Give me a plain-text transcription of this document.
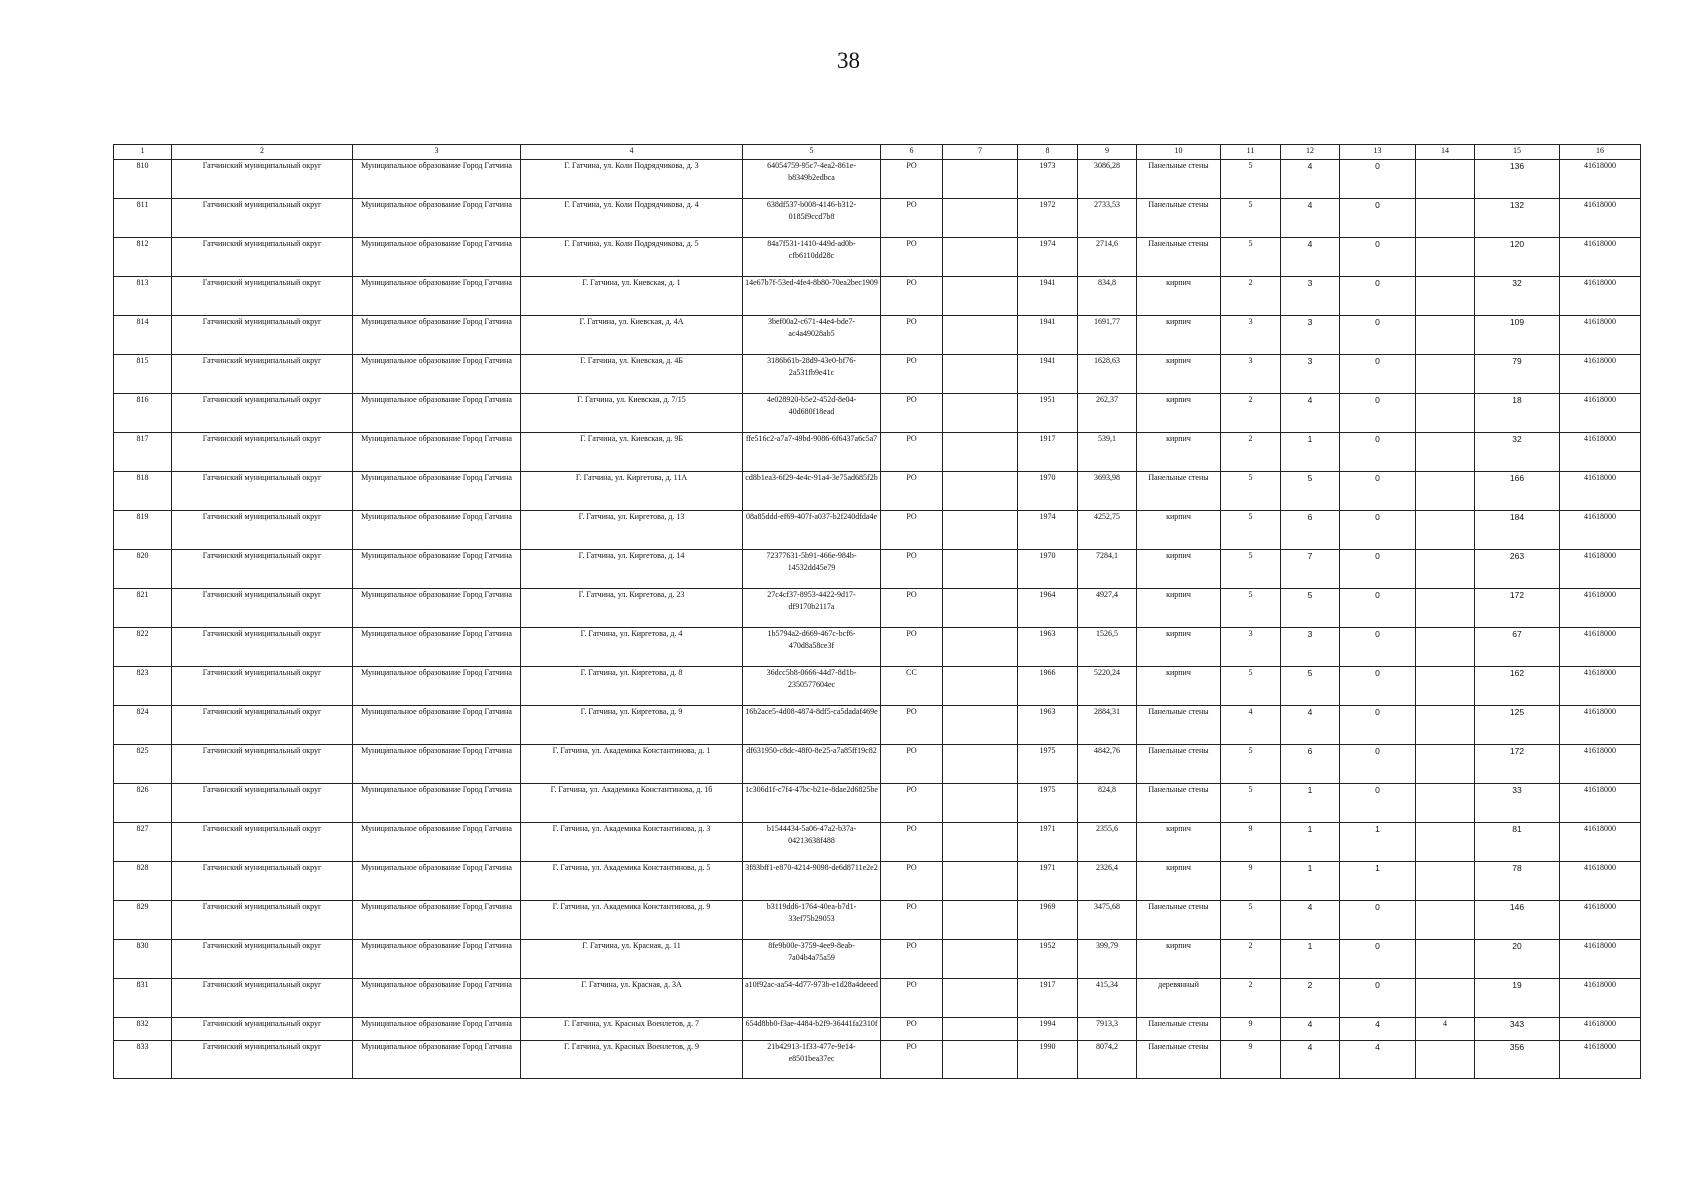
38
1	2	3	4	5	6	7	8	9	10	11	12	13	14	15	16
810	Гатчинский муниципальный округ	Муниципальное образование Город Гатчина	Г. Гатчина, ул. Коли Подрядчикова, д. 3	64054759-95c7-4ea2-861e-b8349b2edbca	РО		1973	3086,28	Панельные стены	5	4	0		136	41618000
811	Гатчинский муниципальный округ	Муниципальное образование Город Гатчина	Г. Гатчина, ул. Коли Подрядчикова, д. 4	638df537-b008-4146-b312-0185f9ccd7b8	РО		1972	2733,53	Панельные стены	5	4	0		132	41618000
812	Гатчинский муниципальный округ	Муниципальное образование Город Гатчина	Г. Гатчина, ул. Коли Подрядчикова, д. 5	84a7f531-1410-449d-ad0b-cfb6110dd28c	РО		1974	2714,6	Панельные стены	5	4	0		120	41618000
813	Гатчинский муниципальный округ	Муниципальное образование Город Гатчина	Г. Гатчина, ул. Киевская, д. 1	14e67b7f-53ed-4fe4-8b80-70ea2bec1909	РО		1941	834,8	кирпич	2	3	0		32	41618000
814	Гатчинский муниципальный округ	Муниципальное образование Город Гатчина	Г. Гатчина, ул. Киевская, д. 4А	3bef00a2-c671-44e4-bde7-ac4a49028ab5	РО		1941	1691,77	кирпич	3	3	0		109	41618000
815	Гатчинский муниципальный округ	Муниципальное образование Город Гатчина	Г. Гатчина, ул. Киевская, д. 4Б	3186b61b-28d9-43e0-bf76-2a531fb9e41c	РО		1941	1628,63	кирпич	3	3	0		79	41618000
816	Гатчинский муниципальный округ	Муниципальное образование Город Гатчина	Г. Гатчина, ул. Киевская, д. 7/15	4e028920-b5e2-452d-8e04-40d680f18ead	РО		1951	262,37	кирпич	2	4	0		18	41618000
817	Гатчинский муниципальный округ	Муниципальное образование Город Гатчина	Г. Гатчина, ул. Киевская, д. 9Б	ffe516c2-a7a7-49bd-9086-6f6437a6c5a7	РО		1917	539,1	кирпич	2	1	0		32	41618000
818	Гатчинский муниципальный округ	Муниципальное образование Город Гатчина	Г. Гатчина, ул. Киргетова, д. 11А	cd8b1ea3-6f29-4e4c-91a4-3e75ad685f2b	РО		1970	3693,98	Панельные стены	5	5	0		166	41618000
819	Гатчинский муниципальный округ	Муниципальное образование Город Гатчина	Г. Гатчина, ул. Киргетова, д. 13	08a85ddd-ef69-407f-a037-b2f240dfda4e	РО		1974	4252,75	кирпич	5	6	0		184	41618000
820	Гатчинский муниципальный округ	Муниципальное образование Город Гатчина	Г. Гатчина, ул. Киргетова, д. 14	72377631-5b91-466e-984b-14532dd45e79	РО		1970	7284,1	кирпич	5	7	0		263	41618000
821	Гатчинский муниципальный округ	Муниципальное образование Город Гатчина	Г. Гатчина, ул. Киргетова, д. 23	27c4cf37-8953-4422-9d17-df9170b2117a	РО		1964	4927,4	кирпич	5	5	0		172	41618000
822	Гатчинский муниципальный округ	Муниципальное образование Город Гатчина	Г. Гатчина, ул. Киргетова, д. 4	1b5794a2-d669-467c-bcf6-470d8a58ce3f	РО		1963	1526,5	кирпич	3	3	0		67	41618000
823	Гатчинский муниципальный округ	Муниципальное образование Город Гатчина	Г. Гатчина, ул. Киргетова, д. 8	36dcc5b8-0666-44d7-8d1b-2350577604ec	СС		1966	5220,24	кирпич	5	5	0		162	41618000
824	Гатчинский муниципальный округ	Муниципальное образование Город Гатчина	Г. Гатчина, ул. Киргетова, д. 9	16b2ace5-4d08-4874-8df5-ca5dadaf469e	РО		1963	2884,31	Панельные стены	4	4	0		125	41618000
825	Гатчинский муниципальный округ	Муниципальное образование Город Гатчина	Г. Гатчина, ул. Академика Константинова, д. 1	df631950-c8dc-48f0-8e25-a7a85ff19c82	РО		1975	4842,76	Панельные стены	5	6	0		172	41618000
826	Гатчинский муниципальный округ	Муниципальное образование Город Гатчина	Г. Гатчина, ул. Академика Константинова, д. 1б	1c306d1f-c7f4-47bc-b21e-8dae2d6825be	РО		1975	824,8	Панельные стены	5	1	0		33	41618000
827	Гатчинский муниципальный округ	Муниципальное образование Город Гатчина	Г. Гатчина, ул. Академика Константинова, д. 3	b1544434-5a06-47a2-b37a-04213638f488	РО		1971	2355,6	кирпич	9	1	1		81	41618000
828	Гатчинский муниципальный округ	Муниципальное образование Город Гатчина	Г. Гатчина, ул. Академика Константинова, д. 5	3f83bff1-e870-4214-9098-de6d8711e2e2	РО		1971	2326,4	кирпич	9	1	1		78	41618000
829	Гатчинский муниципальный округ	Муниципальное образование Город Гатчина	Г. Гатчина, ул. Академика Константинова, д. 9	b3119dd6-1764-40ea-b7d1-33ef75b29053	РО		1969	3475,68	Панельные стены	5	4	0		146	41618000
830	Гатчинский муниципальный округ	Муниципальное образование Город Гатчина	Г. Гатчина, ул. Красная, д. 11	8fe9b00e-3759-4ee9-8eab-7a04b4a75a59	РО		1952	399,79	кирпич	2	1	0		20	41618000
831	Гатчинский муниципальный округ	Муниципальное образование Город Гатчина	Г. Гатчина, ул. Красная, д. 3А	a10f92ac-aa54-4d77-973b-e1d28a4deeed	РО		1917	415,34	деревянный	2	2	0		19	41618000
832	Гатчинский муниципальный округ	Муниципальное образование Город Гатчина	Г. Гатчина, ул. Красных Военлетов, д. 7	654d8bb0-f3ae-4484-b2f9-36441fa2310f	РО		1994	7913,3	Панельные стены	9	4	4	4	343	41618000
833	Гатчинский муниципальный округ	Муниципальное образование Город Гатчина	Г. Гатчина, ул. Красных Военлетов, д. 9	21b42913-1f33-477e-9e14-e8501bea37ec	РО		1990	8074,2	Панельные стены	9	4	4		356	41618000
